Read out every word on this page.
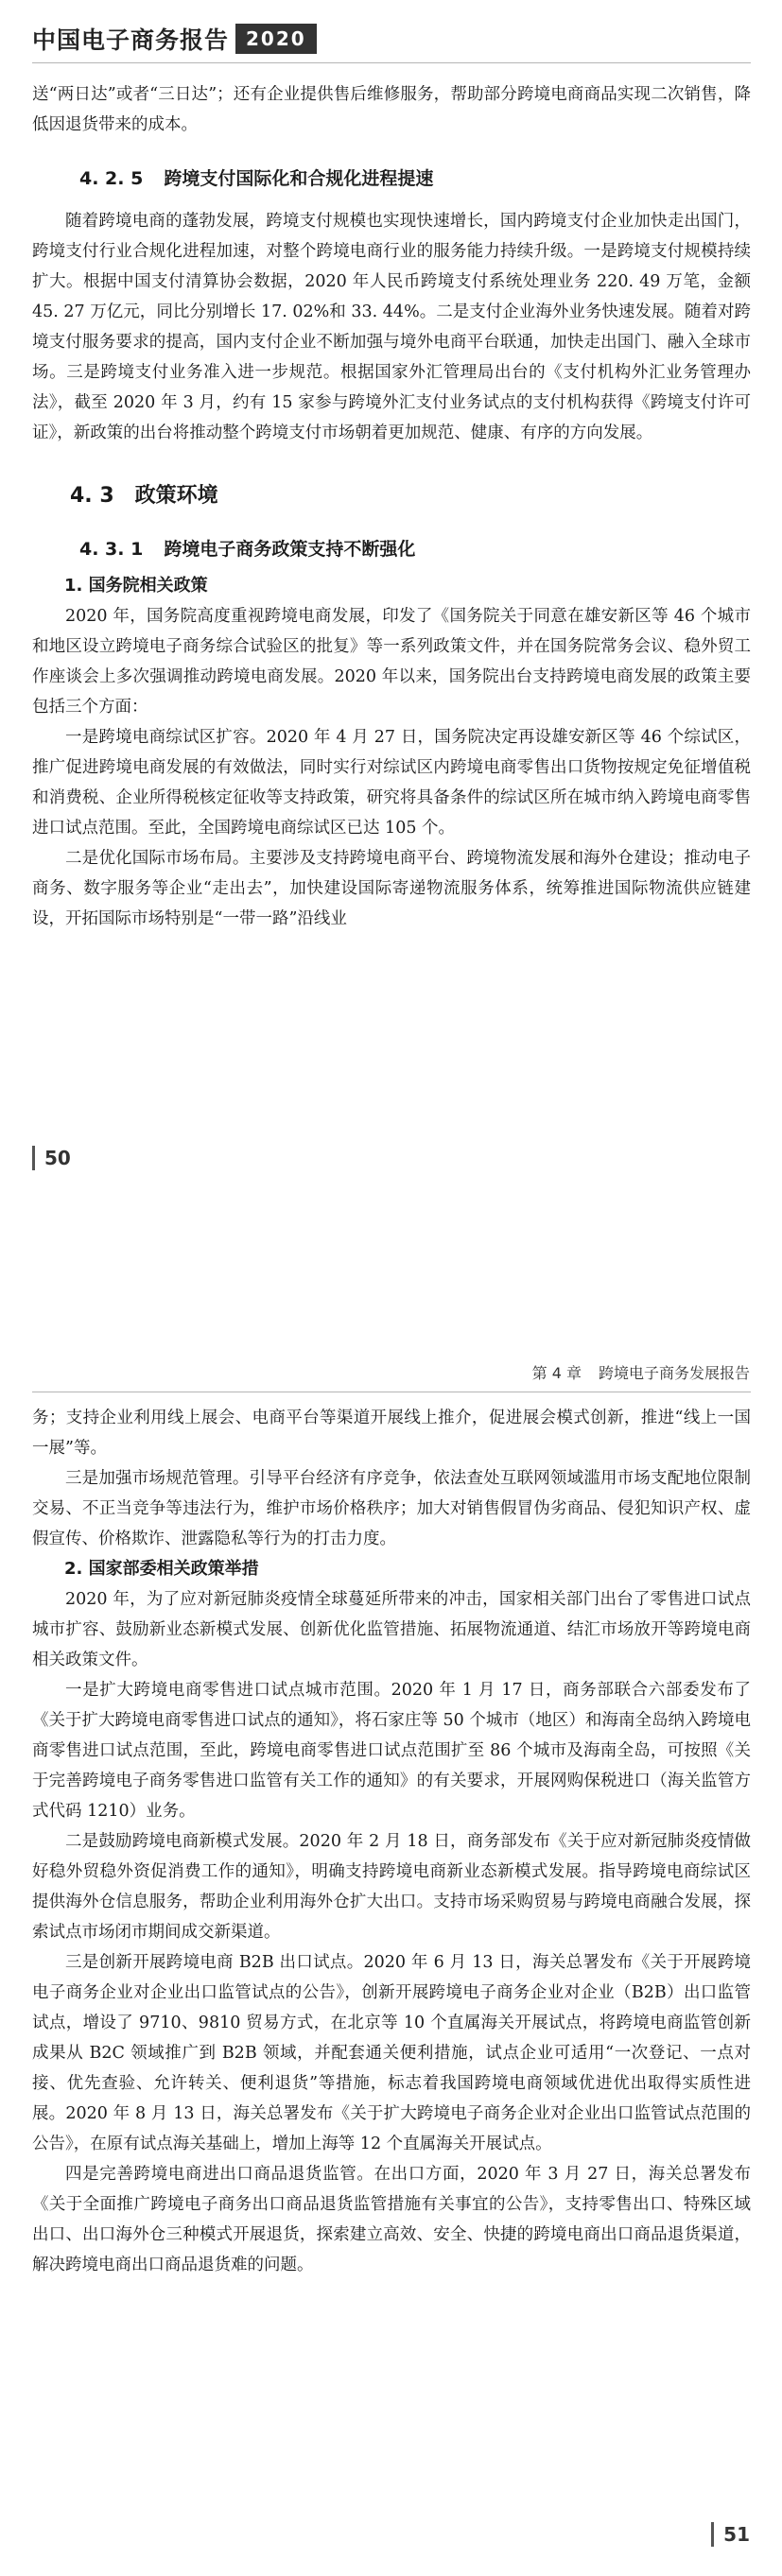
中国电子商务报告 2020

送“两日达”或者“三日达”；还有企业提供售后维修服务，帮助部分跨境电商商品实现二次销售，降低因退货带来的成本。

4. 2. 5 跨境支付国际化和合规化进程提速

随着跨境电商的蓬勃发展，跨境支付规模也实现快速增长，国内跨境支付企业加快走出国门，跨境支付行业合规化进程加速，对整个跨境电商行业的服务能力持续升级。一是跨境支付规模持续扩大。根据中国支付清算协会数据，2020 年人民币跨境支付系统处理业务 220. 49 万笔，金额 45. 27 万亿元，同比分别增长 17. 02%和 33. 44%。二是支付企业海外业务快速发展。随着对跨境支付服务要求的提高，国内支付企业不断加强与境外电商平台联通，加快走出国门、融入全球市场。三是跨境支付业务准入进一步规范。根据国家外汇管理局出台的《支付机构外汇业务管理办法》，截至 2020 年 3 月，约有 15 家参与跨境外汇支付业务试点的支付机构获得《跨境支付许可证》，新政策的出台将推动整个跨境支付市场朝着更加规范、健康、有序的方向发展。

4. 3 政策环境
4. 3. 1 跨境电子商务政策支持不断强化
1. 国务院相关政策

2020 年，国务院高度重视跨境电商发展，印发了《国务院关于同意在雄安新区等 46 个城市和地区设立跨境电子商务综合试验区的批复》等一系列政策文件，并在国务院常务会议、稳外贸工作座谈会上多次强调推动跨境电商发展。2020 年以来，国务院出台支持跨境电商发展的政策主要包括三个方面：

一是跨境电商综试区扩容。2020 年 4 月 27 日，国务院决定再设雄安新区等 46 个综试区，推广促进跨境电商发展的有效做法，同时实行对综试区内跨境电商零售出口货物按规定免征增值税和消费税、企业所得税核定征收等支持政策，研究将具备条件的综试区所在城市纳入跨境电商零售进口试点范围。至此，全国跨境电商综试区已达 105 个。

二是优化国际市场布局。主要涉及支持跨境电商平台、跨境物流发展和海外仓建设；推动电子商务、数字服务等企业“走出去”，加快建设国际寄递物流服务体系，统筹推进国际物流供应链建设，开拓国际市场特别是“一带一路”沿线业

50
第 4 章 跨境电子商务发展报告

务；支持企业利用线上展会、电商平台等渠道开展线上推介，促进展会模式创新，推进“线上一国一展”等。

三是加强市场规范管理。引导平台经济有序竞争，依法查处互联网领域滥用市场支配地位限制交易、不正当竞争等违法行为，维护市场价格秩序；加大对销售假冒伪劣商品、侵犯知识产权、虚假宣传、价格欺诈、泄露隐私等行为的打击力度。

2. 国家部委相关政策举措

2020 年，为了应对新冠肺炎疫情全球蔓延所带来的冲击，国家相关部门出台了零售进口试点城市扩容、鼓励新业态新模式发展、创新优化监管措施、拓展物流通道、结汇市场放开等跨境电商相关政策文件。

一是扩大跨境电商零售进口试点城市范围。2020 年 1 月 17 日，商务部联合六部委发布了《关于扩大跨境电商零售进口试点的通知》，将石家庄等 50 个城市（地区）和海南全岛纳入跨境电商零售进口试点范围，至此，跨境电商零售进口试点范围扩至 86 个城市及海南全岛，可按照《关于完善跨境电子商务零售进口监管有关工作的通知》的有关要求，开展网购保税进口（海关监管方式代码 1210）业务。

二是鼓励跨境电商新模式发展。2020 年 2 月 18 日，商务部发布《关于应对新冠肺炎疫情做好稳外贸稳外资促消费工作的通知》，明确支持跨境电商新业态新模式发展。指导跨境电商综试区提供海外仓信息服务，帮助企业利用海外仓扩大出口。支持市场采购贸易与跨境电商融合发展，探索试点市场闭市期间成交新渠道。

三是创新开展跨境电商 B2B 出口试点。2020 年 6 月 13 日，海关总署发布《关于开展跨境电子商务企业对企业出口监管试点的公告》，创新开展跨境电子商务企业对企业（B2B）出口监管试点，增设了 9710、9810 贸易方式，在北京等 10 个直属海关开展试点，将跨境电商监管创新成果从 B2C 领域推广到 B2B 领域，并配套通关便利措施，试点企业可适用“一次登记、一点对接、优先查验、允许转关、便利退货”等措施，标志着我国跨境电商领域优进优出取得实质性进展。2020 年 8 月 13 日，海关总署发布《关于扩大跨境电子商务企业对企业出口监管试点范围的公告》，在原有试点海关基础上，增加上海等 12 个直属海关开展试点。

四是完善跨境电商进出口商品退货监管。在出口方面，2020 年 3 月 27 日，海关总署发布《关于全面推广跨境电子商务出口商品退货监管措施有关事宜的公告》，支持零售出口、特殊区域出口、出口海外仓三种模式开展退货，探索建立高效、安全、快捷的跨境电商出口商品退货渠道，解决跨境电商出口商品退货难的问题。

51
